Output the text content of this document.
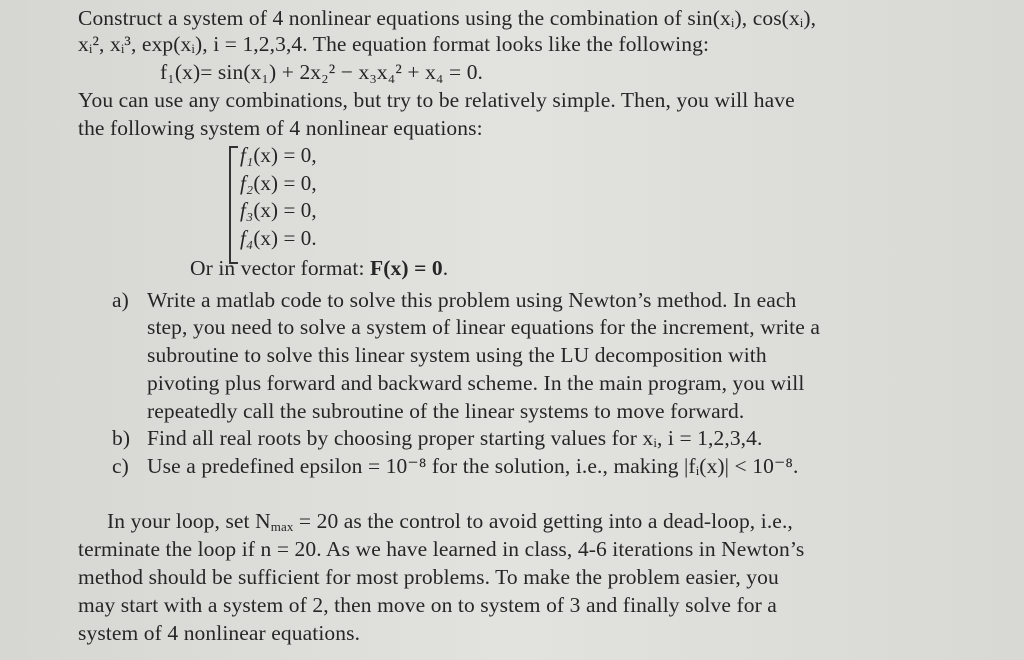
Construct a system of 4 nonlinear equations using the combination of sin(xᵢ), cos(xᵢ),
xᵢ², xᵢ³, exp(xᵢ), i = 1,2,3,4. The equation format looks like the following:
f₁(x)= sin(x₁) + 2x₂² − x₃x₄² + x₄ = 0.
You can use any combinations, but try to be relatively simple. Then, you will have
the following system of 4 nonlinear equations:
f₁(x) = 0,
f₂(x) = 0,
f₃(x) = 0,
f₄(x) = 0.
Or in vector format: F(x) = 0.
a) Write a matlab code to solve this problem using Newton’s method. In each
step, you need to solve a system of linear equations for the increment, write a
subroutine to solve this linear system using the LU decomposition with
pivoting plus forward and backward scheme. In the main program, you will
repeatedly call the subroutine of the linear systems to move forward.
b) Find all real roots by choosing proper starting values for xᵢ, i = 1,2,3,4.
c) Use a predefined epsilon = 10⁻⁸ for the solution, i.e., making |fᵢ(x)| < 10⁻⁸.
In your loop, set $N_{max} = 20$ as the control to avoid getting into a dead-loop, i.e.,
terminate the loop if n = 20. As we have learned in class, 4-6 iterations in Newton’s
method should be sufficient for most problems. To make the problem easier, you
may start with a system of 2, then move on to system of 3 and finally solve for a
system of 4 nonlinear equations.
